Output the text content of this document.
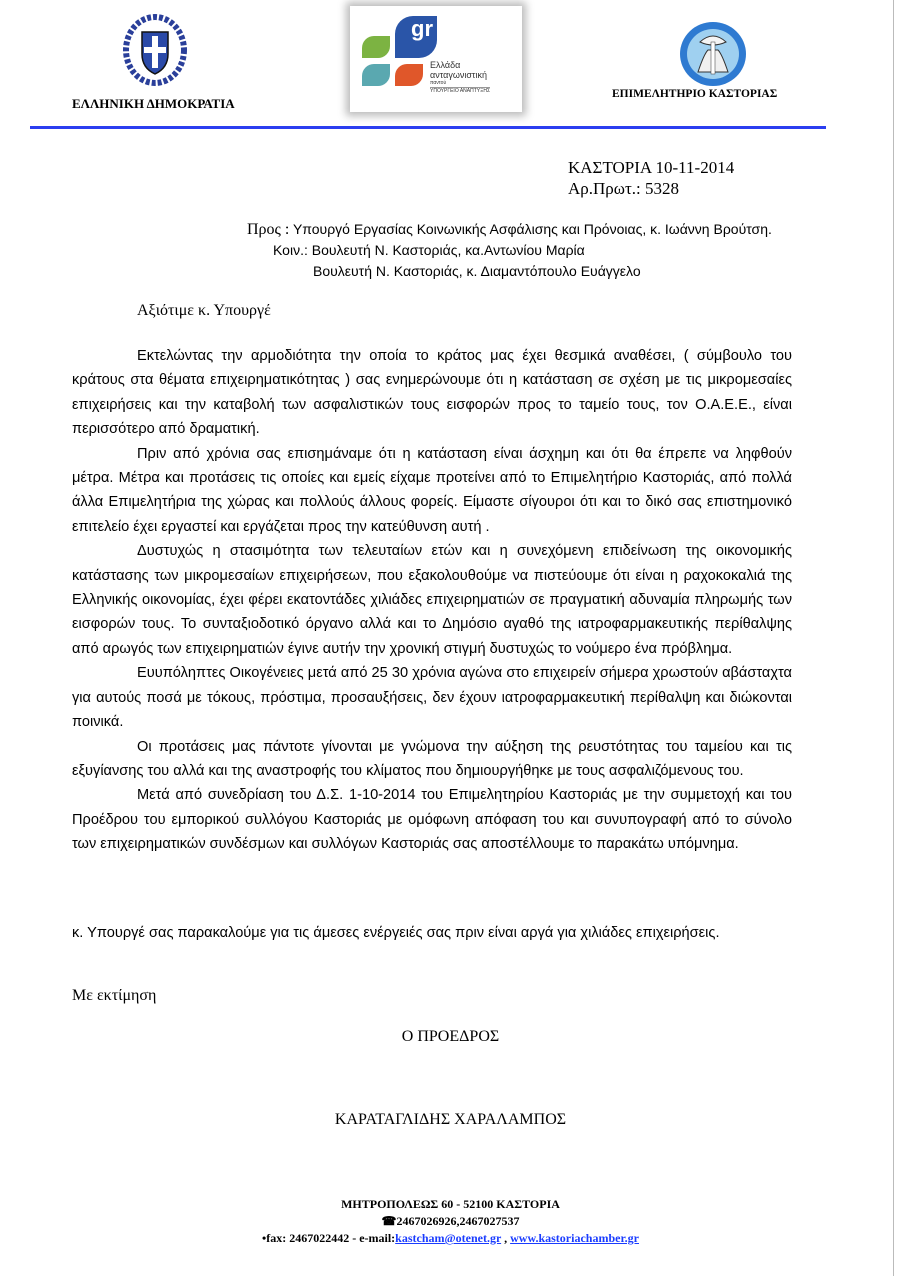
ΕΛΛΗΝΙΚΗ ΔΗΜΟΚΡΑΤΙΑ
gr
Ελλάδα
ανταγωνιστική
παντού
ΥΠΟΥΡΓΕΙΟ ΑΝΑΠΤΥΞΗΣ	ΕΠΙΜΕΛΗΤΗΡΙΟ ΚΑΣΤΟΡΙΑΣ
ΚΑΣΤΟΡΙΑ 10-11-2014
Αρ.Πρωτ.: 5328
Προς : Υπουργό Εργασίας Κοινωνικής Ασφάλισης και Πρόνοιας, κ. Ιωάννη Βρούτση.
Κοιν.: Βουλευτή Ν. Καστοριάς, κα.Αντωνίου Μαρία
Βουλευτή Ν. Καστοριάς, κ. Διαμαντόπουλο Ευάγγελο
Αξιότιμε κ. Υπουργέ

Εκτελώντας την αρμοδιότητα την οποία το κράτος μας έχει θεσμικά αναθέσει, ( σύμβουλο του κράτους στα θέματα επιχειρηματικότητας ) σας ενημερώνουμε ότι η κατάσταση σε σχέση με τις μικρομεσαίες επιχειρήσεις και την καταβολή των ασφαλιστικών τους εισφορών προς το ταμείο τους, τον Ο.Α.Ε.Ε., είναι περισσότερο από δραματική.

Πριν από χρόνια σας επισημάναμε ότι η κατάσταση είναι άσχημη και ότι θα έπρεπε να ληφθούν μέτρα. Μέτρα και προτάσεις τις οποίες και εμείς είχαμε προτείνει από το Επιμελητήριο Καστοριάς, από πολλά άλλα Επιμελητήρια της χώρας και πολλούς άλλους φορείς. Είμαστε σίγουροι ότι και το δικό σας επιστημονικό επιτελείο έχει εργαστεί και εργάζεται προς την κατεύθυνση αυτή .

Δυστυχώς η στασιμότητα των τελευταίων ετών και η συνεχόμενη επιδείνωση της οικονομικής κατάστασης των μικρομεσαίων επιχειρήσεων, που εξακολουθούμε να πιστεύουμε ότι είναι η ραχοκοκαλιά της Ελληνικής οικονομίας, έχει φέρει εκατοντάδες χιλιάδες επιχειρηματιών σε πραγματική αδυναμία πληρωμής των εισφορών τους. Το συνταξιοδοτικό όργανο αλλά και το Δημόσιο αγαθό της ιατροφαρμακευτικής περίθαλψης από αρωγός των επιχειρηματιών έγινε αυτήν την χρονική στιγμή δυστυχώς το νούμερο ένα πρόβλημα.

Ευυπόληπτες Οικογένειες μετά από 25 30 χρόνια αγώνα στο επιχειρείν σήμερα χρωστούν αβάσταχτα για αυτούς ποσά με τόκους, πρόστιμα, προσαυξήσεις, δεν έχουν ιατροφαρμακευτική περίθαλψη και διώκονται ποινικά.

Οι προτάσεις μας πάντοτε γίνονται με γνώμονα την αύξηση της ρευστότητας του ταμείου και τις εξυγίανσης του αλλά και της αναστροφής του κλίματος που δημιουργήθηκε με τους ασφαλιζόμενους του.

Μετά από συνεδρίαση του Δ.Σ. 1-10-2014 του Επιμελητηρίου Καστοριάς με την συμμετοχή και του Προέδρου του εμπορικού συλλόγου Καστοριάς με ομόφωνη απόφαση του και συνυπογραφή από το σύνολο των επιχειρηματικών συνδέσμων και συλλόγων Καστοριάς σας αποστέλλουμε το παρακάτω υπόμνημα.

κ. Υπουργέ σας παρακαλούμε για τις άμεσες ενέργειές σας πριν είναι αργά για χιλιάδες επιχειρήσεις.

Με εκτίμηση
Ο ΠΡΟΕΔΡΟΣ
ΚΑΡΑΤΑΓΛΙΔΗΣ ΧΑΡΑΛΑΜΠΟΣ
ΜΗΤΡΟΠΟΛΕΩΣ 60 - 52100 ΚΑΣΤΟΡΙΑ
☎2467026926,2467027537
•fax: 2467022442 - e-mail:kastcham@otenet.gr , www.kastoriachamber.gr
